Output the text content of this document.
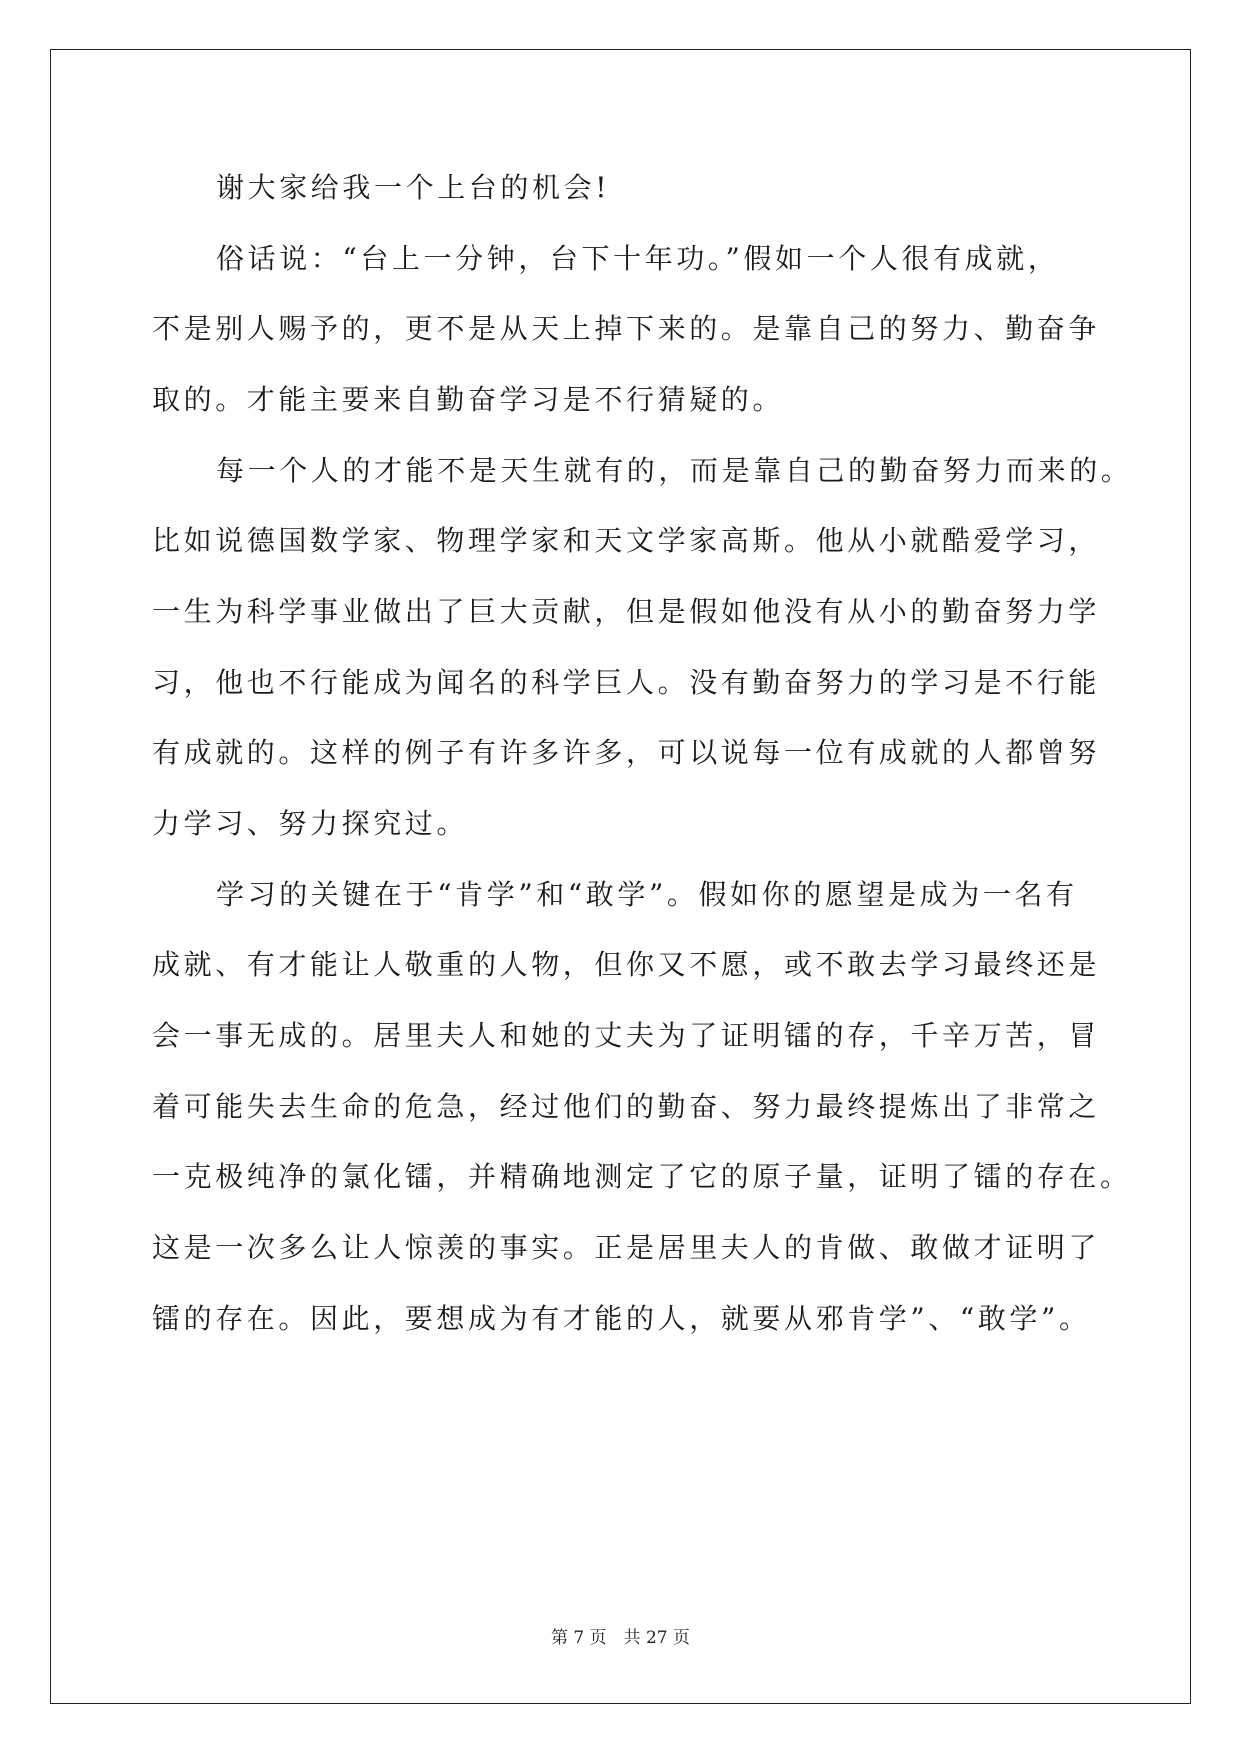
谢大家给我一个上台的机会!
俗话说：“台上一分钟，台下十年功。”假如一个人很有成就，
不是别人赐予的，更不是从天上掉下来的。是靠自己的努力、勤奋争
取的。才能主要来自勤奋学习是不行猜疑的。
每一个人的才能不是天生就有的，而是靠自己的勤奋努力而来的。
比如说德国数学家、物理学家和天文学家高斯。他从小就酷爱学习，
一生为科学事业做出了巨大贡献，但是假如他没有从小的勤奋努力学
习，他也不行能成为闻名的科学巨人。没有勤奋努力的学习是不行能
有成就的。这样的例子有许多许多，可以说每一位有成就的人都曾努
力学习、努力探究过。
学习的关键在于“肯学”和“敢学”。假如你的愿望是成为一名有
成就、有才能让人敬重的人物，但你又不愿，或不敢去学习最终还是
会一事无成的。居里夫人和她的丈夫为了证明镭的存，千辛万苦，冒
着可能失去生命的危急，经过他们的勤奋、努力最终提炼出了非常之
一克极纯净的氯化镭，并精确地测定了它的原子量，证明了镭的存在。
这是一次多么让人惊羡的事实。正是居里夫人的肯做、敢做才证明了
镭的存在。因此，要想成为有才能的人，就要从邪肯学”、“敢学”。
第 7 页　共 27 页
